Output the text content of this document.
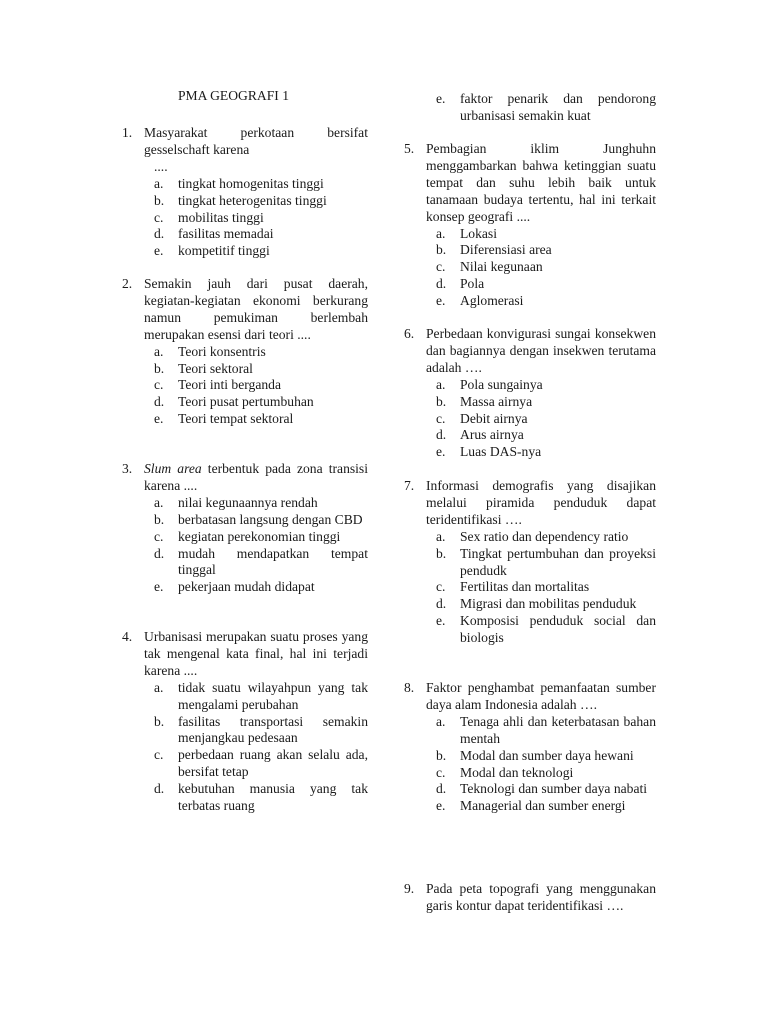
PMA GEOGRAFI 1
1. Masyarakat perkotaan bersifat gesselschaft karena
....
a. tingkat homogenitas tinggi
b. tingkat heterogenitas tinggi
c. mobilitas tinggi
d. fasilitas memadai
e. kompetitif tinggi
2. Semakin jauh dari pusat daerah, kegiatan-kegiatan ekonomi berkurang namun pemukiman berlembah merupakan esensi dari teori ....
a. Teori konsentris
b. Teori sektoral
c. Teori inti berganda
d. Teori pusat pertumbuhan
e. Teori tempat sektoral
3. Slum area terbentuk pada zona transisi karena ....
a. nilai kegunaannya rendah
b. berbatasan langsung dengan CBD
c. kegiatan perekonomian tinggi
d. mudah mendapatkan tempat tinggal
e. pekerjaan mudah didapat
4. Urbanisasi merupakan suatu proses yang tak mengenal kata final, hal ini terjadi karena ....
a. tidak suatu wilayahpun yang tak mengalami perubahan
b. fasilitas transportasi semakin menjangkau pedesaan
c. perbedaan ruang akan selalu ada, bersifat tetap
d. kebutuhan manusia yang tak terbatas ruang
e. faktor penarik dan pendorong urbanisasi semakin kuat
5. Pembagian iklim Junghuhn menggambarkan bahwa ketinggian suatu tempat dan suhu lebih baik untuk tanamaan budaya tertentu, hal ini terkait konsep geografi ....
a. Lokasi
b. Diferensiasi area
c. Nilai kegunaan
d. Pola
e. Aglomerasi
6. Perbedaan konvigurasi sungai konsekwen dan bagiannya dengan insekwen terutama adalah ….
a. Pola sungainya
b. Massa airnya
c. Debit airnya
d. Arus airnya
e. Luas DAS-nya
7. Informasi demografis yang disajikan melalui piramida penduduk dapat teridentifikasi ….
a. Sex ratio dan dependency ratio
b. Tingkat pertumbuhan dan proyeksi pendudk
c. Fertilitas dan mortalitas
d. Migrasi dan mobilitas penduduk
e. Komposisi penduduk social dan biologis
8. Faktor penghambat pemanfaatan sumber daya alam Indonesia adalah ….
a. Tenaga ahli dan keterbatasan bahan mentah
b. Modal dan sumber daya hewani
c. Modal dan teknologi
d. Teknologi dan sumber daya nabati
e. Managerial dan sumber energi
9. Pada peta topografi yang menggunakan garis kontur dapat teridentifikasi ….
